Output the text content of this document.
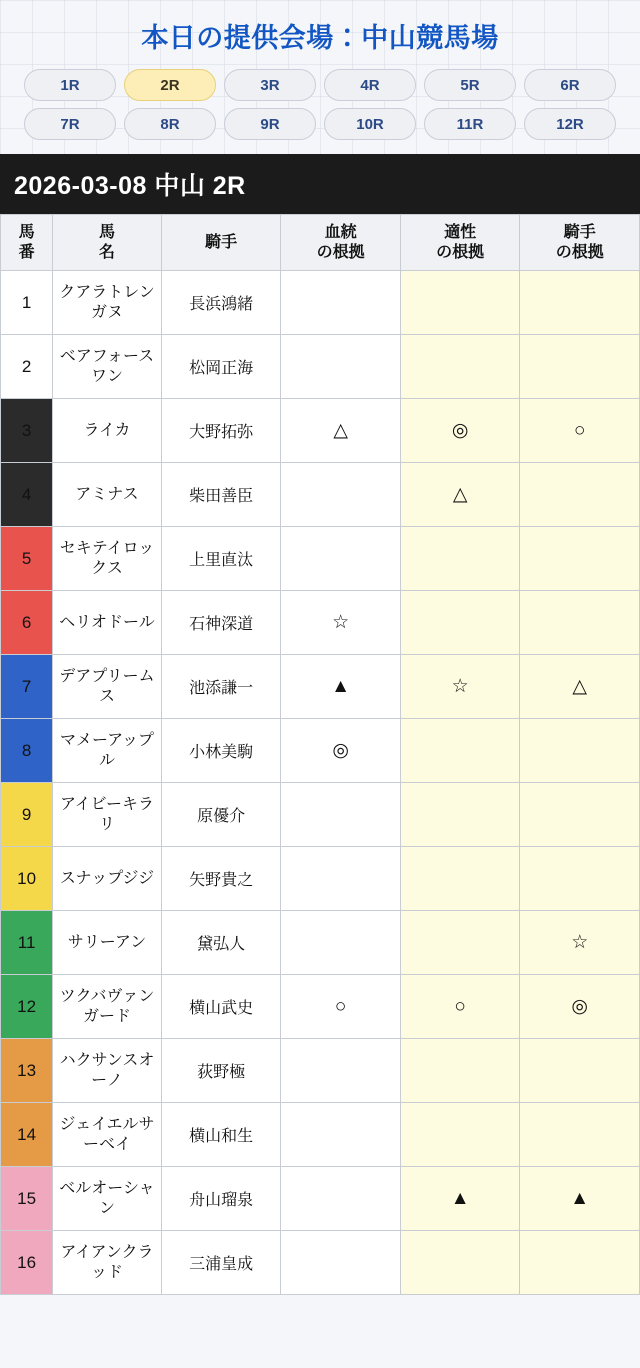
本日の提供会場：中山競馬場
1R	2R	3R	4R	5R	6R
7R	8R	9R	10R	11R	12R
2026-03-08 中山 2R
馬
番

馬
名

騎手

血統
の根拠

適性
の根拠

騎手
の根拠

1	クアラトレンガヌ	長浜鴻緒			
2	ベアフォースワン	松岡正海			
3	ライカ	大野拓弥	△	◎	○
4	アミナス	柴田善臣		△	
5	セキテイロックス	上里直汰			
6	ヘリオドール	石神深道	☆		
7	デアプリームス	池添謙一	▲	☆	△
8	マメーアップル	小林美駒	◎		
9	アイビーキラリ	原優介			
10	スナップジジ	矢野貴之			
11	サリーアン	黛弘人			☆
12	ツクバヴァンガード	横山武史	○	○	◎
13	ハクサンスオーノ	荻野極			
14	ジェイエルサーベイ	横山和生			
15	ベルオーシャン	舟山瑠泉		▲	▲
16	アイアンクラッド	三浦皇成			
